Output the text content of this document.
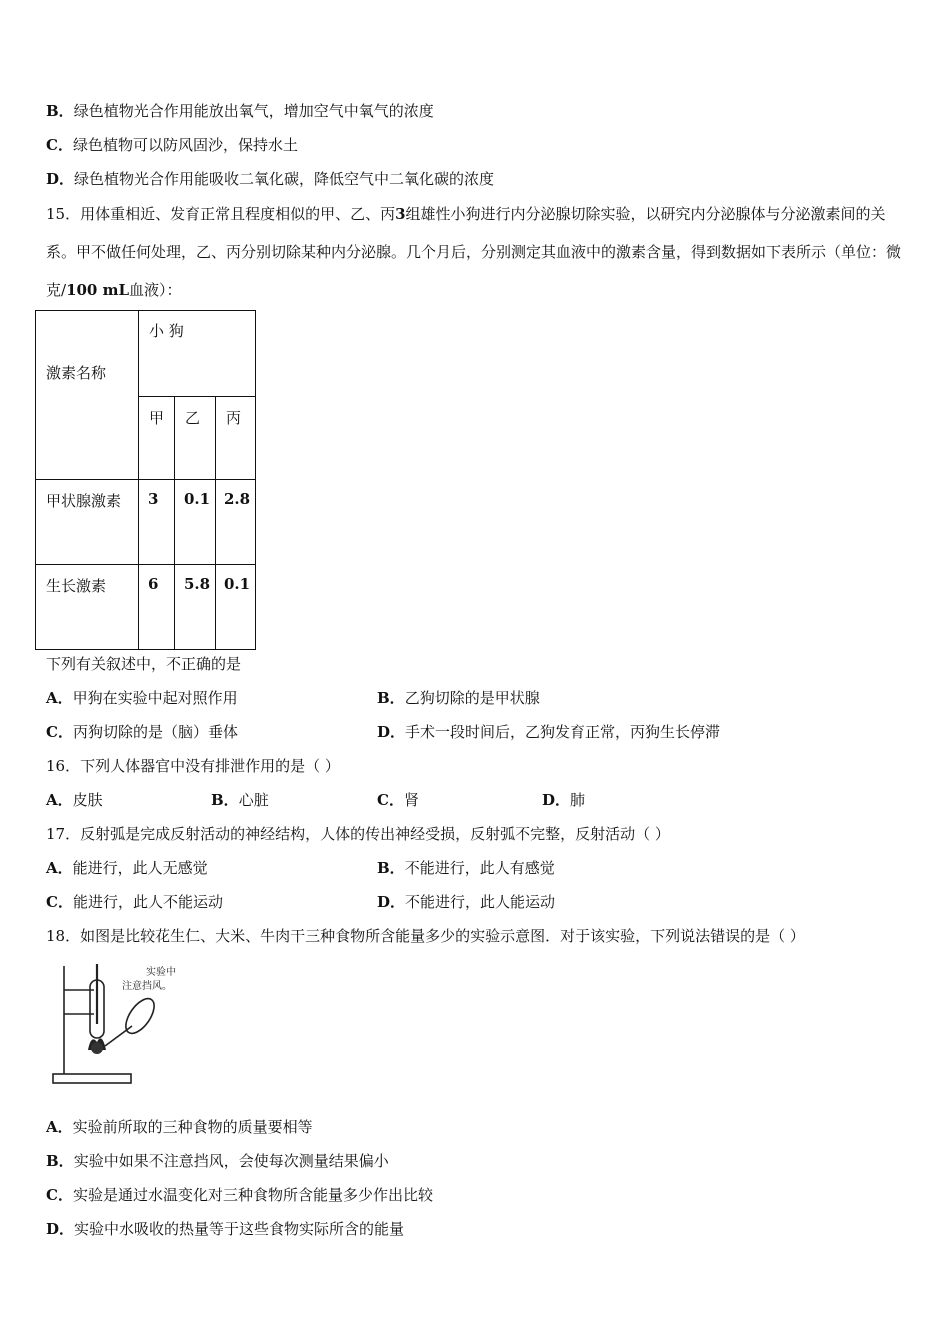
B．绿色植物光合作用能放出氧气，增加空气中氧气的浓度
C．绿色植物可以防风固沙，保持水土
D．绿色植物光合作用能吸收二氧化碳，降低空气中二氧化碳的浓度
15．用体重相近、发育正常且程度相似的甲、乙、丙3组雄性小狗进行内分泌腺切除实验，以研究内分泌腺体与分泌激素间的关系。甲不做任何处理，乙、丙分别切除某种内分泌腺。几个月后，分别测定其血液中的激素含量，得到数据如下表所示（单位：微克/100 mL血液）：
激素名称	小 狗		

	甲	乙	丙

甲状腺激素	3	0.1	2.8

生长激素	6	5.8	0.1
下列有关叙述中，不正确的是
A．甲狗在实验中起对照作用	B．乙狗切除的是甲状腺
C．丙狗切除的是（脑）垂体	D．手术一段时间后，乙狗发育正常，丙狗生长停滞
16．下列人体器官中没有排泄作用的是（ ）
A．皮肤	B．心脏	C．肾	D．肺
17．反射弧是完成反射活动的神经结构，人体的传出神经受损，反射弧不完整，反射活动（ ）
A．能进行，此人无感觉	B．不能进行，此人有感觉
C．能进行，此人不能运动	D．不能进行，此人能运动
18．如图是比较花生仁、大米、牛肉干三种食物所含能量多少的实验示意图．对于该实验，下列说法错误的是（ ）
实验中
注意挡风。
A．实验前所取的三种食物的质量要相等
B．实验中如果不注意挡风，会使每次测量结果偏小
C．实验是通过水温变化对三种食物所含能量多少作出比较
D．实验中水吸收的热量等于这些食物实际所含的能量
